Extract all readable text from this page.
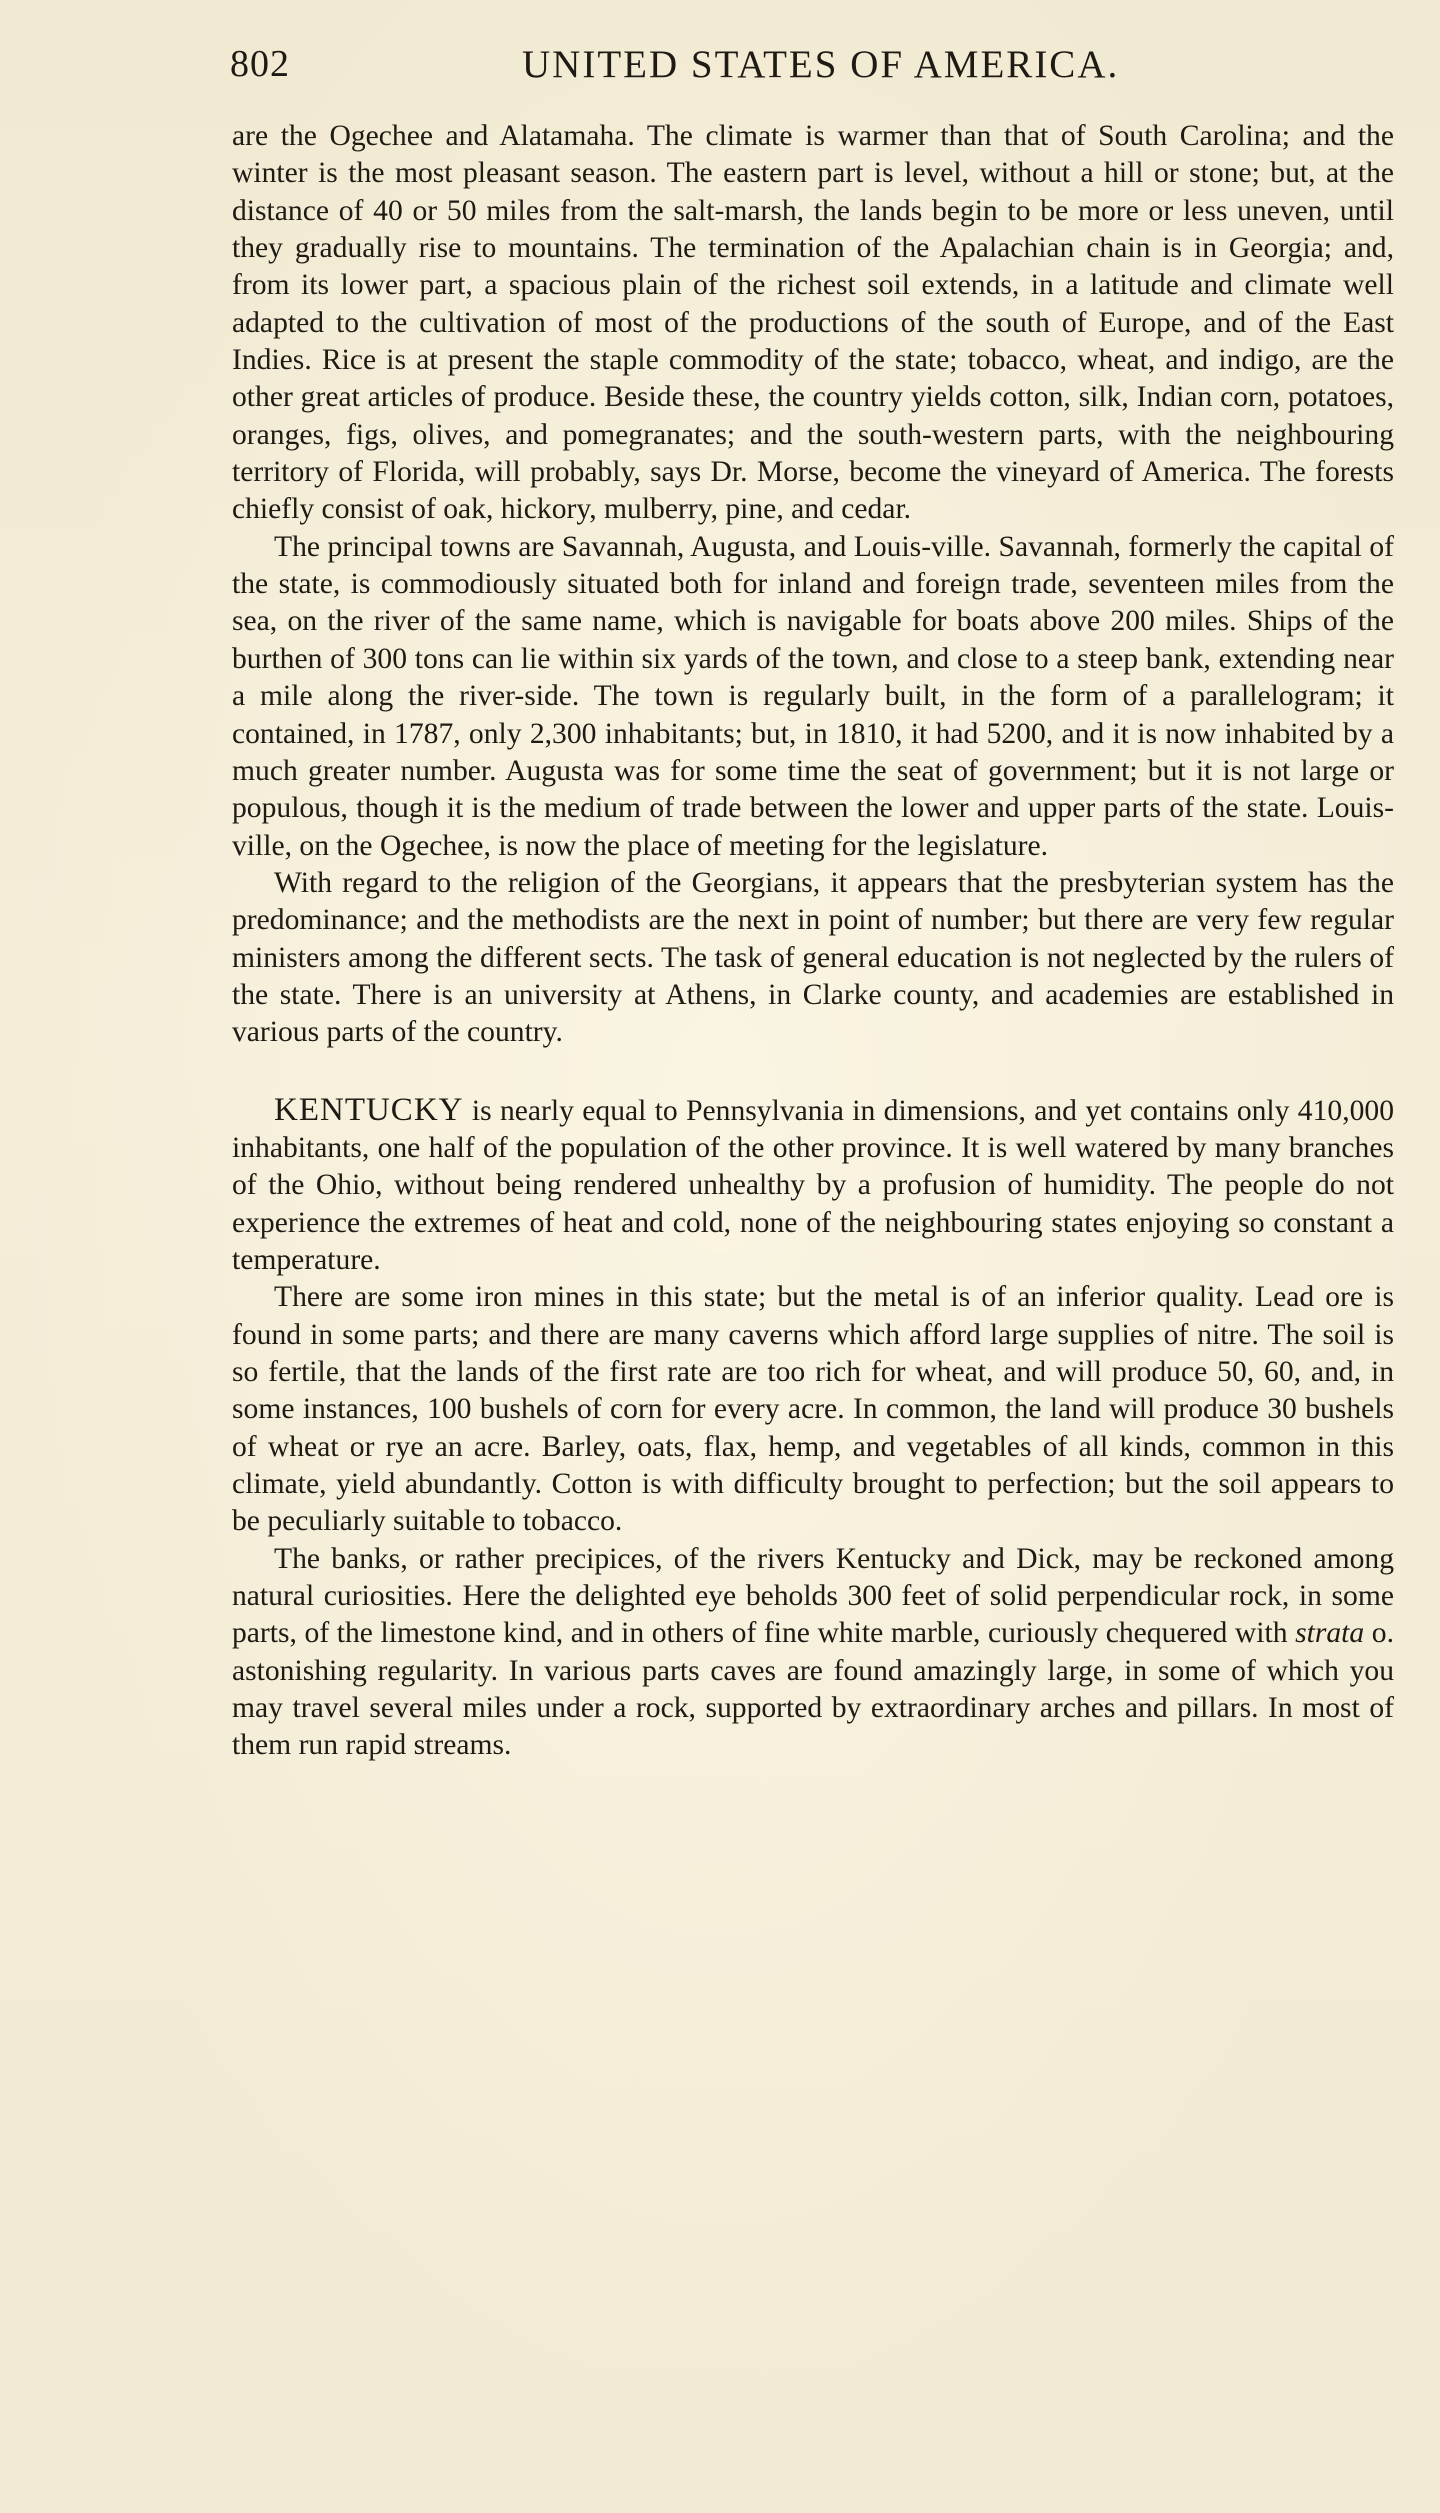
802	UNITED STATES OF AMERICA.

are the Ogechee and Alatamaha. The climate is warmer than that of South Carolina; and the winter is the most pleasant season. The eastern part is level, without a hill or stone; but, at the distance of 40 or 50 miles from the salt-marsh, the lands begin to be more or less uneven, until they gradually rise to mountains. The termination of the Apalachian chain is in Georgia; and, from its lower part, a spacious plain of the richest soil extends, in a latitude and climate well adapted to the cultivation of most of the productions of the south of Europe, and of the East Indies. Rice is at present the staple commodity of the state; tobacco, wheat, and indigo, are the other great articles of produce. Beside these, the country yields cotton, silk, Indian corn, potatoes, oranges, figs, olives, and pomegranates; and the south-western parts, with the neighbouring territory of Florida, will probably, says Dr. Morse, become the vineyard of America. The forests chiefly consist of oak, hickory, mulberry, pine, and cedar.

The principal towns are Savannah, Augusta, and Louis-ville. Savannah, formerly the capital of the state, is commodiously situated both for inland and foreign trade, seventeen miles from the sea, on the river of the same name, which is navigable for boats above 200 miles. Ships of the burthen of 300 tons can lie within six yards of the town, and close to a steep bank, extending near a mile along the river-side. The town is regularly built, in the form of a parallelogram; it contained, in 1787, only 2,300 inhabitants; but, in 1810, it had 5200, and it is now inhabited by a much greater number. Augusta was for some time the seat of government; but it is not large or populous, though it is the medium of trade between the lower and upper parts of the state. Louis-ville, on the Ogechee, is now the place of meeting for the legislature.

With regard to the religion of the Georgians, it appears that the presbyterian system has the predominance; and the methodists are the next in point of number; but there are very few regular ministers among the different sects. The task of general education is not neglected by the rulers of the state. There is an university at Athens, in Clarke county, and academies are established in various parts of the country.

KENTUCKY is nearly equal to Pennsylvania in dimensions, and yet contains only 410,000 inhabitants, one half of the population of the other province. It is well watered by many branches of the Ohio, without being rendered unhealthy by a profusion of humidity. The people do not experience the extremes of heat and cold, none of the neighbouring states enjoying so constant a temperature.

There are some iron mines in this state; but the metal is of an inferior quality. Lead ore is found in some parts; and there are many caverns which afford large supplies of nitre. The soil is so fertile, that the lands of the first rate are too rich for wheat, and will produce 50, 60, and, in some instances, 100 bushels of corn for every acre. In common, the land will produce 30 bushels of wheat or rye an acre. Barley, oats, flax, hemp, and vegetables of all kinds, common in this climate, yield abundantly. Cotton is with difficulty brought to perfection; but the soil appears to be peculiarly suitable to tobacco.

The banks, or rather precipices, of the rivers Kentucky and Dick, may be reckoned among natural curiosities. Here the delighted eye beholds 300 feet of solid perpendicular rock, in some parts, of the limestone kind, and in others of fine white marble, curiously chequered with strata o. astonishing regularity. In various parts caves are found amazingly large, in some of which you may travel several miles under a rock, supported by extraordinary arches and pillars. In most of them run rapid streams.
